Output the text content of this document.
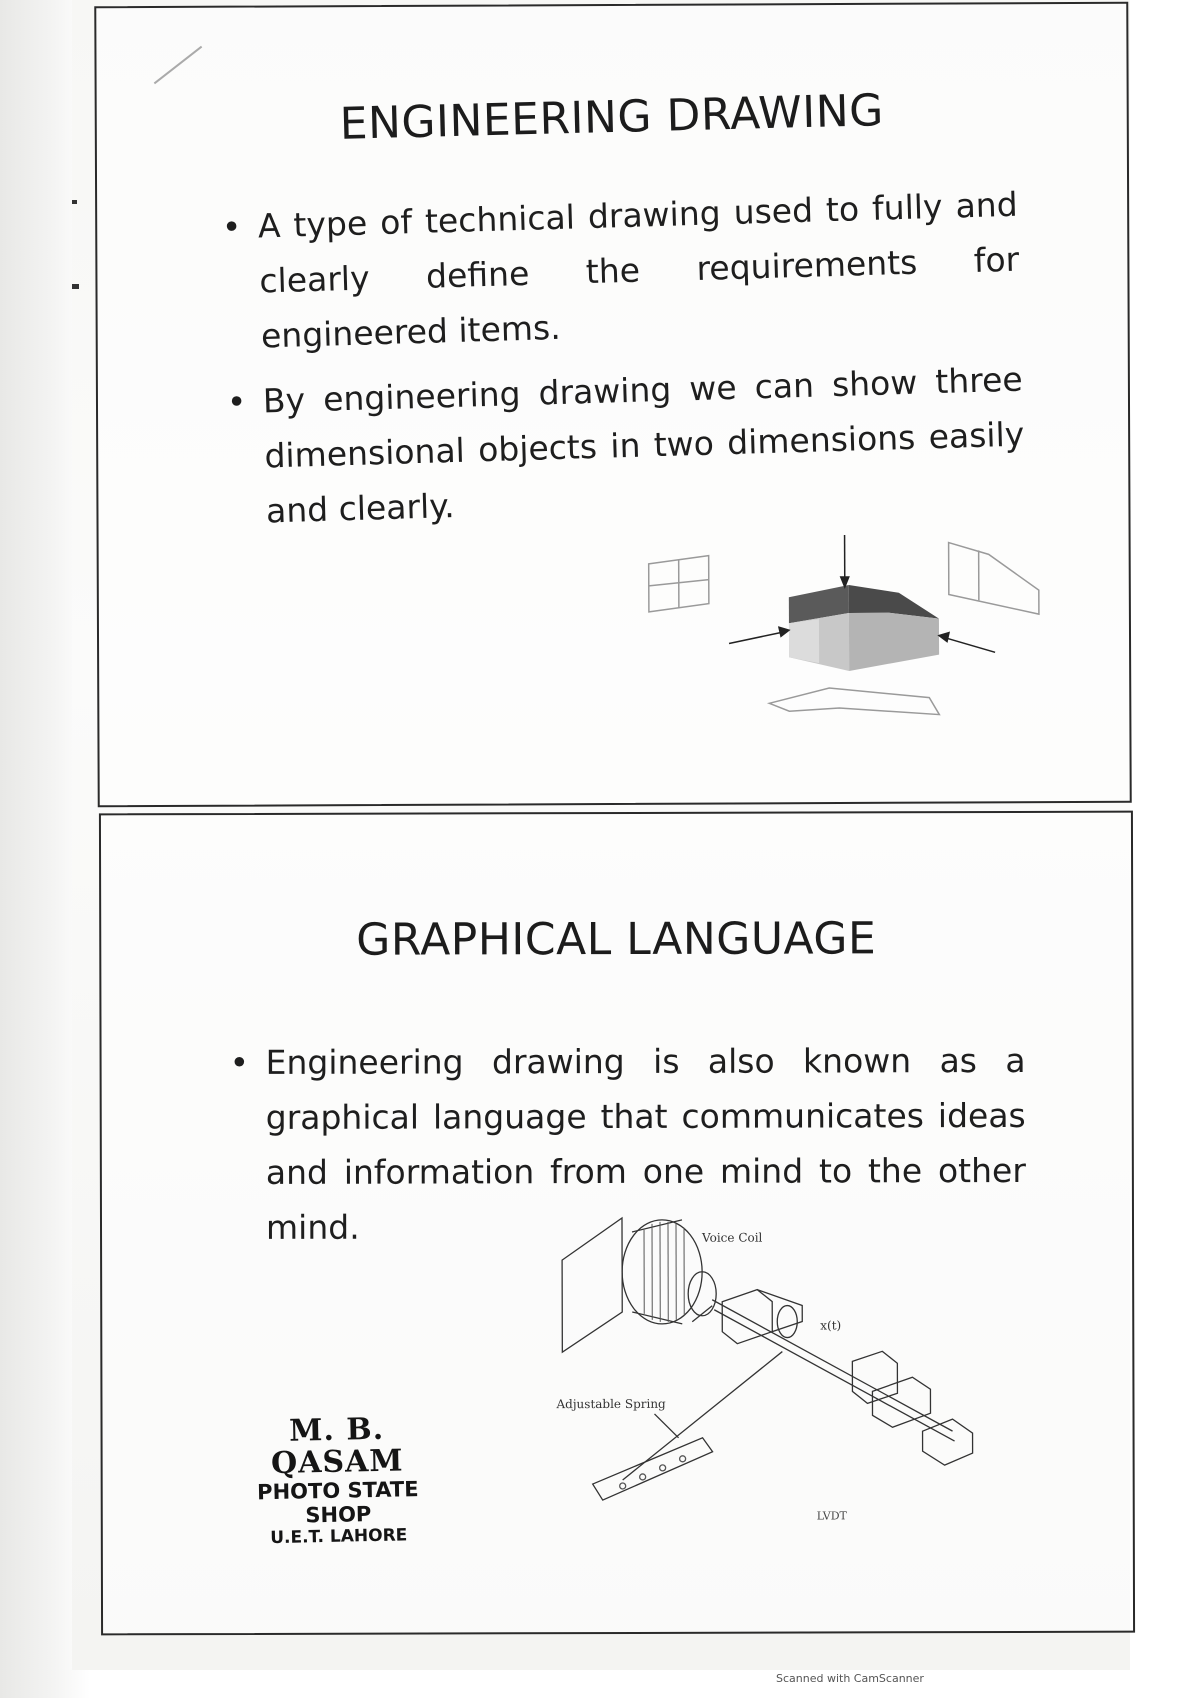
ENGINEERING DRAWING
• A type of technical drawing used to fully and clearly define the requirements for engineered items.
• By engineering drawing we can show three dimensional objects in two dimensions easily and clearly.
GRAPHICAL LANGUAGE
• Engineering drawing is also known as a graphical language that communicates ideas and information from one mind to the other mind.	Voice Coil
x(t)
Adjustable Spring
LVDT
M. B. QASAM
PHOTO STATE SHOP
U.E.T. LAHORE
Scanned with CamScanner
